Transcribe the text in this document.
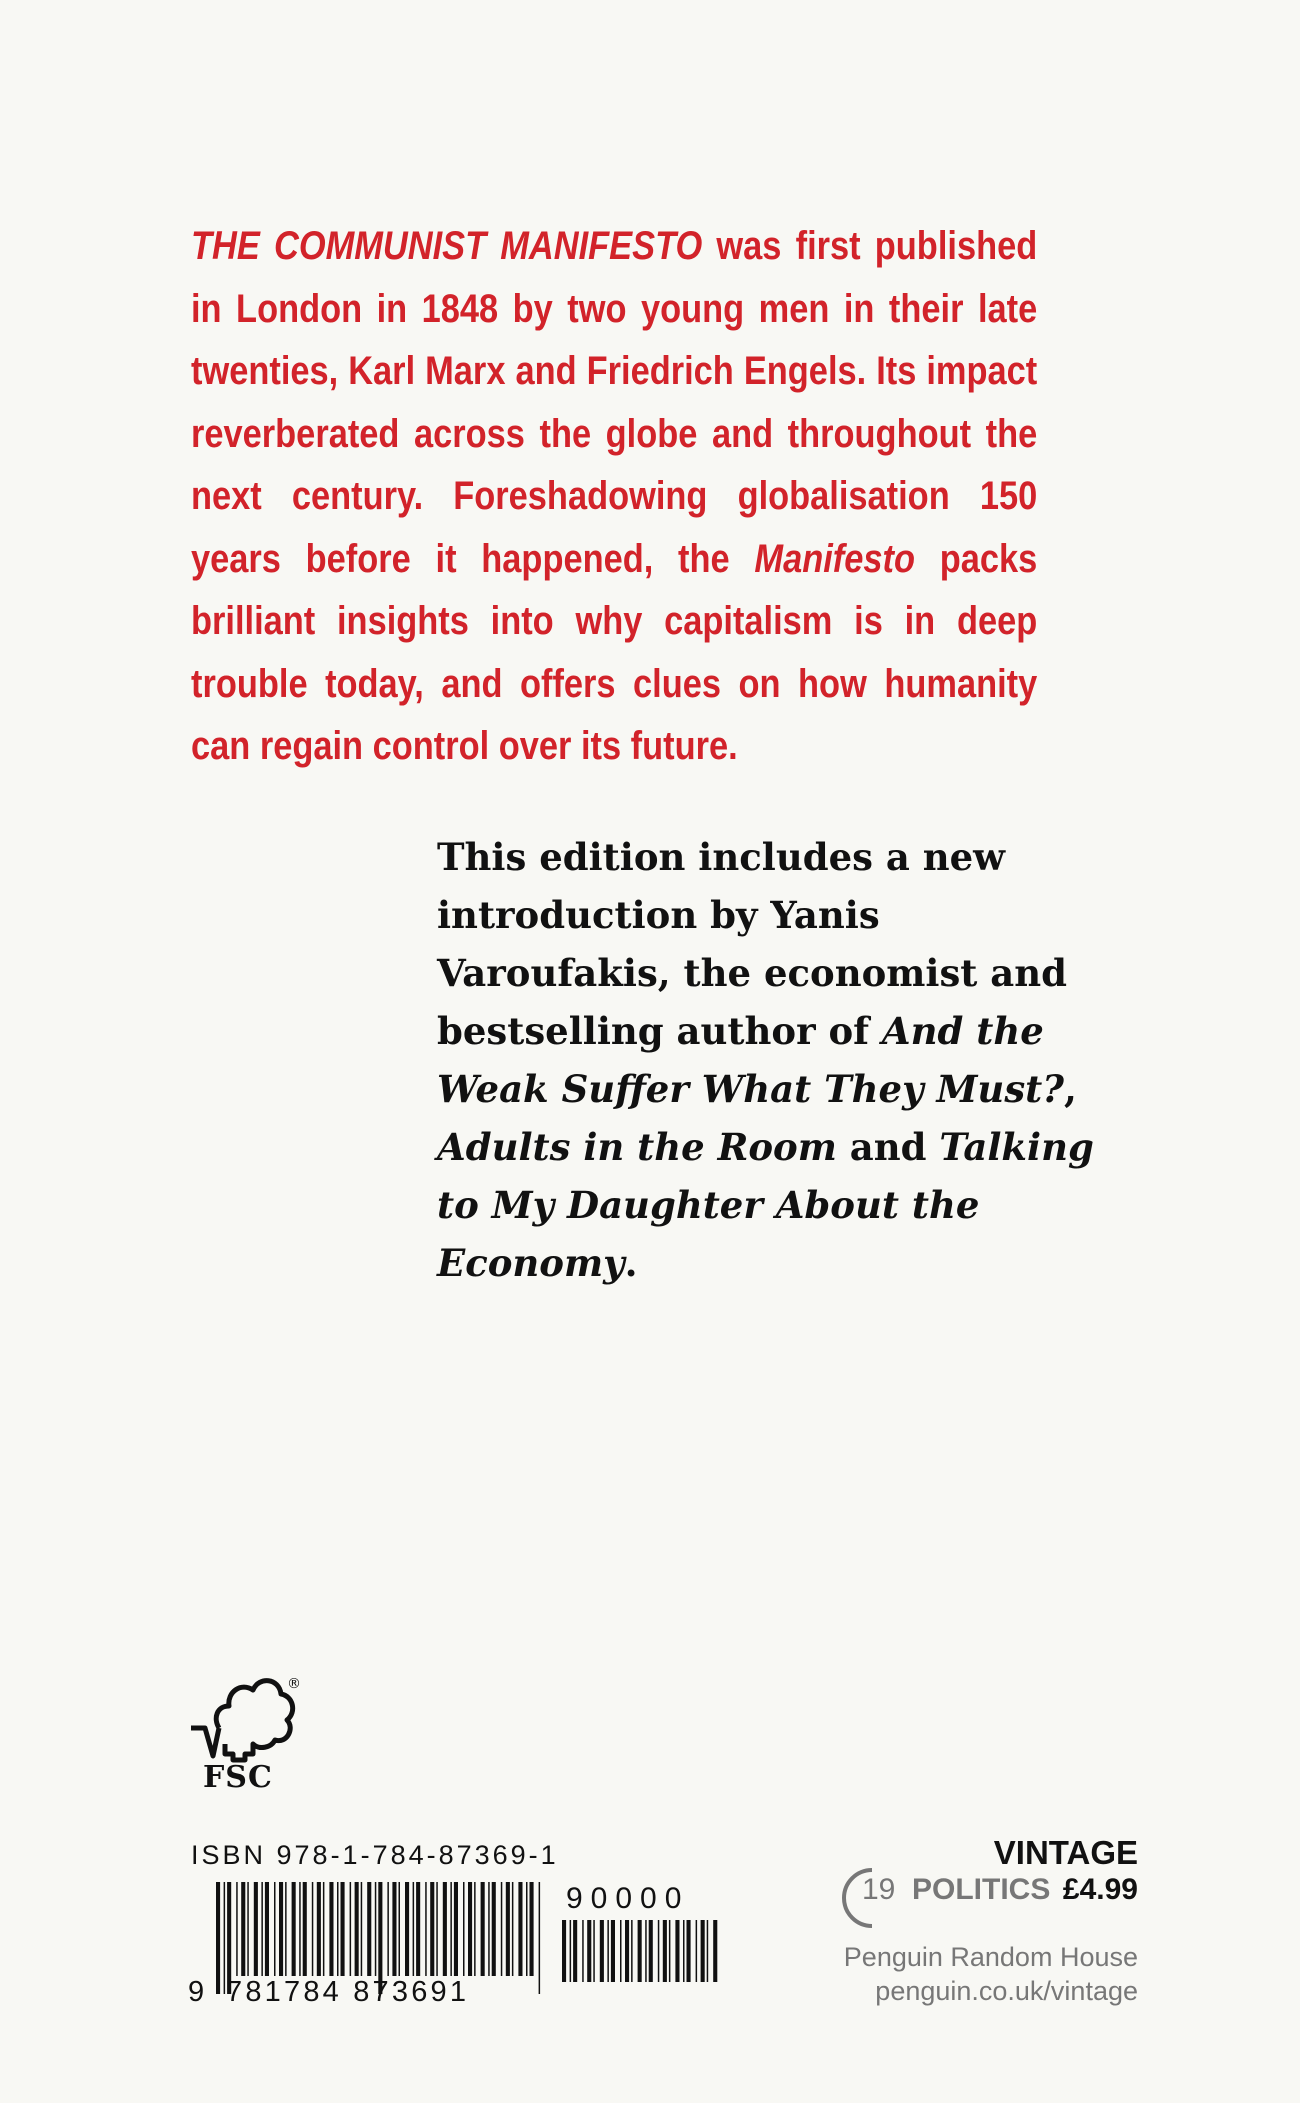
THE COMMUNIST MANIFESTO was first published in London in 1848 by two young men in their late twenties, Karl Marx and Friedrich Engels. Its impact reverberated across the globe and throughout the next century. Foreshadowing globalisation 150 years before it happened, the Manifesto packs brilliant insights into why capitalism is in deep trouble today, and offers clues on how humanity can regain control over its future.
This edition includes a new introduction by Yanis Varoufakis, the economist and bestselling author of And the Weak Suffer What They Must?, Adults in the Room and Talking to My Daughter About the Economy.
®
FSC
ISBN 978-1-784-87369-1
90000
9 781784 873691
VINTAGE
19 POLITICS £4.99
Penguin Random House
penguin.co.uk/vintage
